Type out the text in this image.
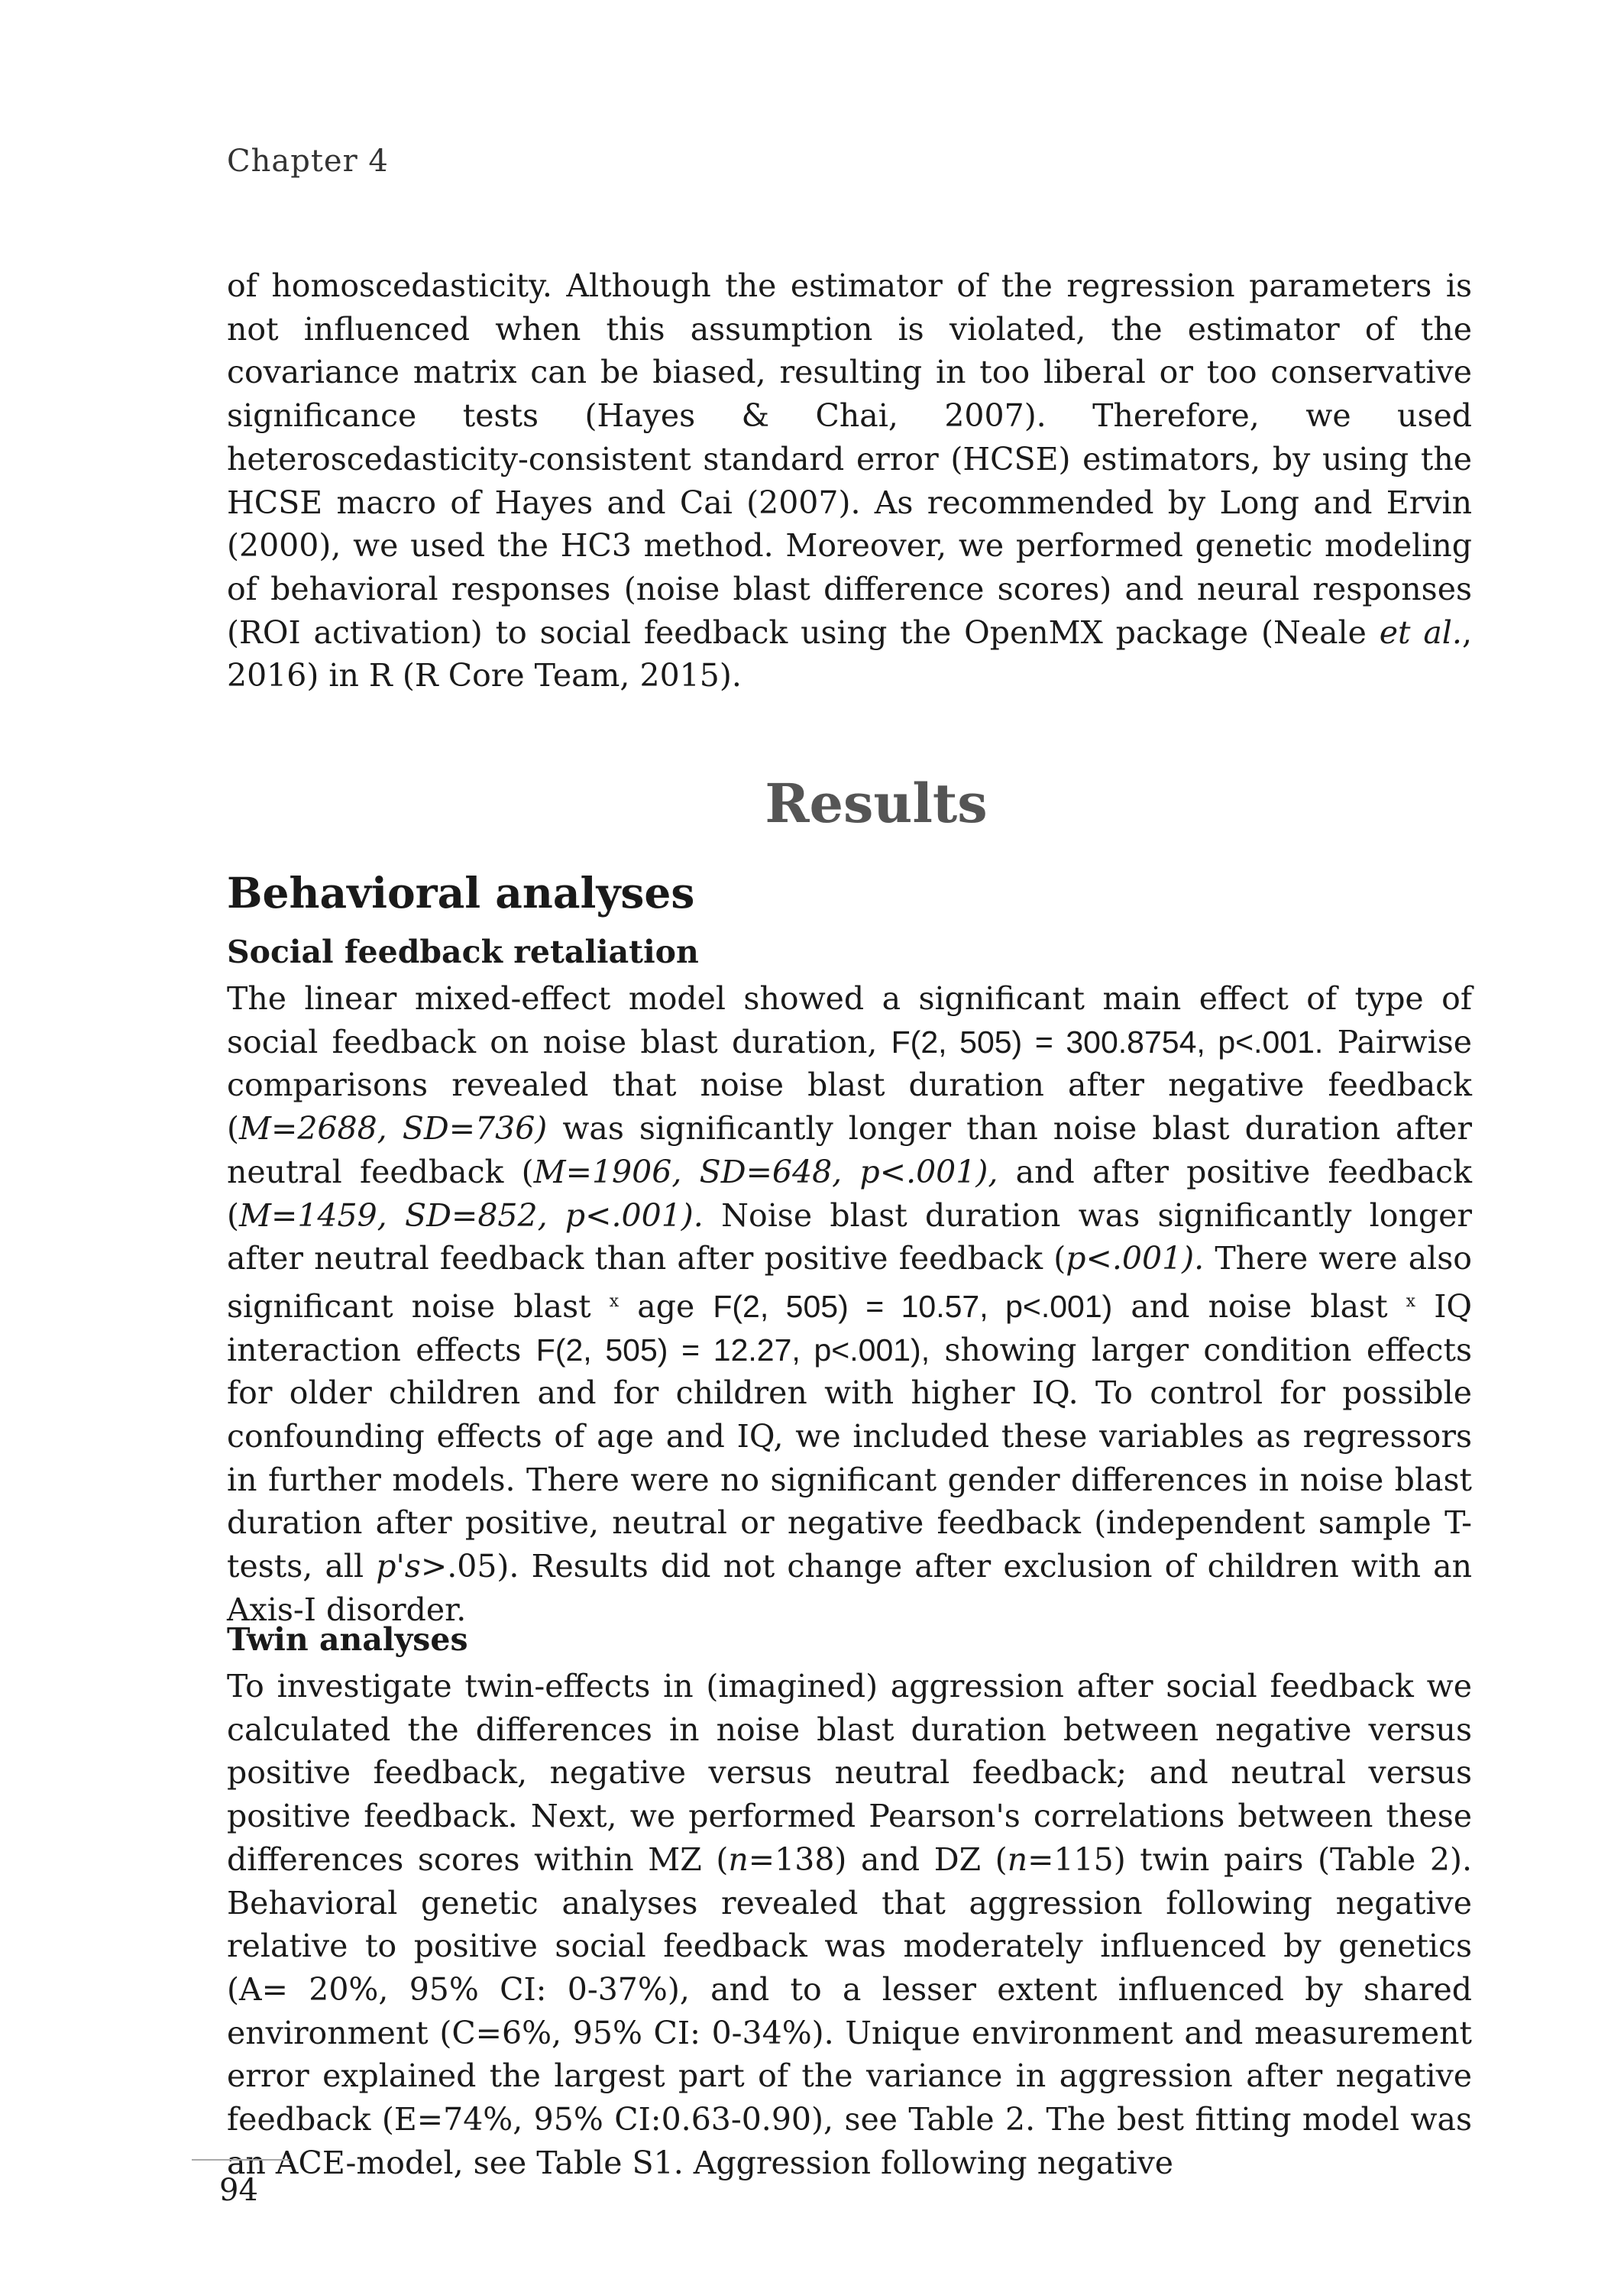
Chapter 4

of homoscedasticity. Although the estimator of the regression parameters is not influenced when this assumption is violated, the estimator of the covariance matrix can be biased, resulting in too liberal or too conservative significance tests (Hayes & Chai, 2007). Therefore, we used heteroscedasticity-consistent standard error (HCSE) estimators, by using the HCSE macro of Hayes and Cai (2007). As recommended by Long and Ervin (2000), we used the HC3 method. Moreover, we performed genetic modeling of behavioral responses (noise blast difference scores) and neural responses (ROI activation) to social feedback using the OpenMX package (Neale et al., 2016) in R (R Core Team, 2015).

Results
Behavioral analyses
Social feedback retaliation

The linear mixed-effect model showed a significant main effect of type of social feedback on noise blast duration, F(2, 505) = 300.8754, p<.001. Pairwise comparisons revealed that noise blast duration after negative feedback (M=2688, SD=736) was significantly longer than noise blast duration after neutral feedback (M=1906, SD=648, p<.001), and after positive feedback (M=1459, SD=852, p<.001). Noise blast duration was significantly longer after neutral feedback than after positive feedback (p<.001). There were also significant noise blast $^x$ age F(2, 505) = 10.57, p<.001) and noise blast $^x$ IQ interaction effects F(2, 505) = 12.27, p<.001), showing larger condition effects for older children and for children with higher IQ. To control for possible confounding effects of age and IQ, we included these variables as regressors in further models. There were no significant gender differences in noise blast duration after positive, neutral or negative feedback (independent sample T-tests, all p's>.05). Results did not change after exclusion of children with an Axis-I disorder.

Twin analyses

To investigate twin-effects in (imagined) aggression after social feedback we calculated the differences in noise blast duration between negative versus positive feedback, negative versus neutral feedback; and neutral versus positive feedback. Next, we performed Pearson's correlations between these differences scores within MZ (n=138) and DZ (n=115) twin pairs (Table 2). Behavioral genetic analyses revealed that aggression following negative relative to positive social feedback was moderately influenced by genetics (A= 20%, 95% CI: 0-37%), and to a lesser extent influenced by shared environment (C=6%, 95% CI: 0-34%). Unique environment and measurement error explained the largest part of the variance in aggression after negative feedback (E=74%, 95% CI:0.63-0.90), see Table 2. The best fitting model was an ACE-model, see Table S1. Aggression following negative

94
